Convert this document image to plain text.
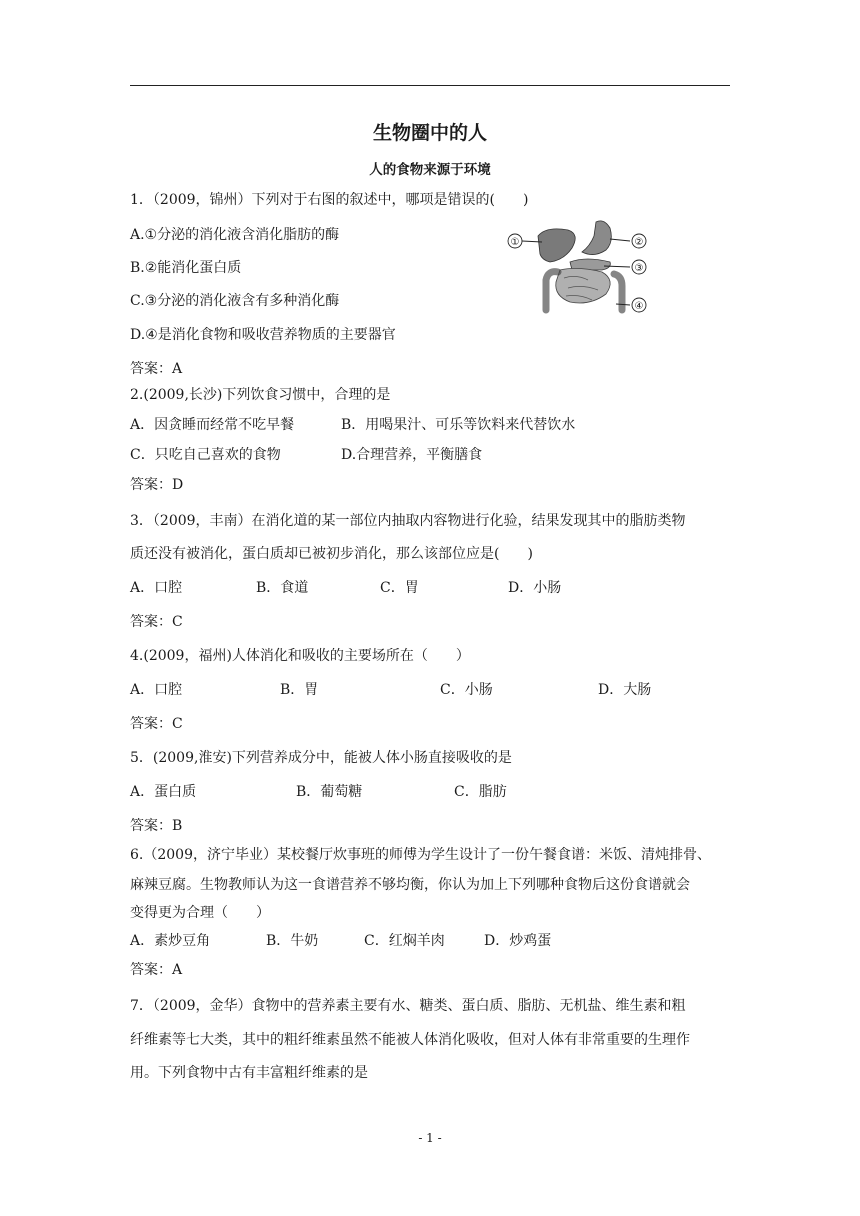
生物圈中的人
人的食物来源于环境
1．（2009，锦州）下列对于右图的叙述中，哪项是错误的(　　)
A.①分泌的消化液含消化脂肪的酶
B.②能消化蛋白质
C.③分泌的消化液含有多种消化酶
D.④是消化食物和吸收营养物质的主要器官
答案：A
①	②
③
④
2.(2009,长沙)下列饮食习惯中，合理的是
A．因贪睡而经常不吃早餐	B．用喝果汁、可乐等饮料来代替饮水
C．只吃自己喜欢的食物	D.合理营养，平衡膳食
答案：D
3．（2009，丰南）在消化道的某一部位内抽取内容物进行化验，结果发现其中的脂肪类物
质还没有被消化，蛋白质却已被初步消化，那么该部位应是(　　)
A．口腔	B．食道	C．胃	D．小肠
答案：C
4.(2009，福州)人体消化和吸收的主要场所在（　　）
A．口腔	B．胃	C．小肠	D．大肠
答案：C
5．(2009,淮安)下列营养成分中，能被人体小肠直接吸收的是
A．蛋白质	B．葡萄糖	C．脂肪
答案：B
6.（2009，济宁毕业）某校餐厅炊事班的师傅为学生设计了一份午餐食谱：米饭、清炖排骨、
麻辣豆腐。生物教师认为这一食谱营养不够均衡，你认为加上下列哪种食物后这份食谱就会
变得更为合理（　　）
A．素炒豆角	B．牛奶	C．红焖羊肉	D．炒鸡蛋
答案：A
7．（2009，金华）食物中的营养素主要有水、糖类、蛋白质、脂肪、无机盐、维生素和粗
纤维素等七大类，其中的粗纤维素虽然不能被人体消化吸收，但对人体有非常重要的生理作
用。下列食物中古有丰富粗纤维素的是
- 1 -
